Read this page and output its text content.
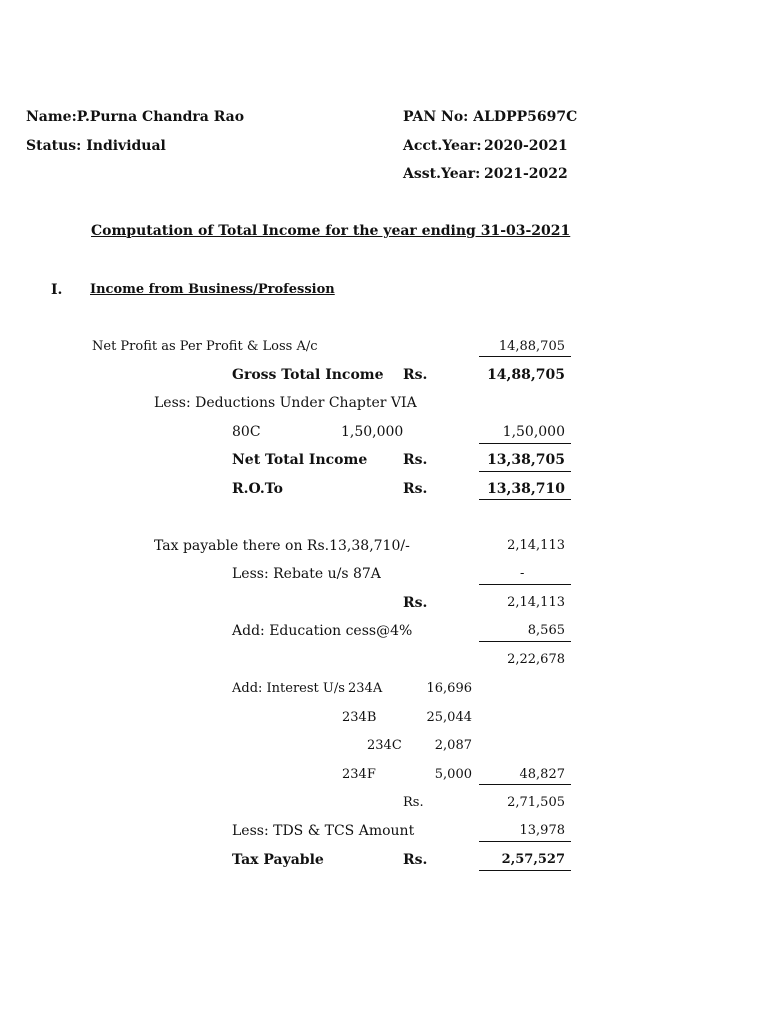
Name:P.Purna Chandra Rao
Status: Individual
PAN No: ALDPP5697C
Acct.Year: 2020-2021
Asst.Year: 2021-2022
Computation of Total Income for the year ending 31-03-2021
I. Income from Business/Profession
Net Profit as Per Profit & Loss A/c	14,88,705
Gross Total Income Rs.	14,88,705
Less: Deductions Under Chapter VIA
80C	1,50,000	1,50,000
Net Total Income	Rs.	13,38,705
R.O.To	Rs.	13,38,710
Tax payable there on Rs.13,38,710/-	2,14,113
Less: Rebate u/s 87A	-
Rs.	2,14,113
Add: Education cess@4%	8,565
2,22,678
Add: Interest U/s 234A	16,696
234B	25,044
234C	2,087
234F	5,000	48,827
Rs.	2,71,505
Less: TDS & TCS Amount	13,978
Tax Payable	Rs.	2,57,527
